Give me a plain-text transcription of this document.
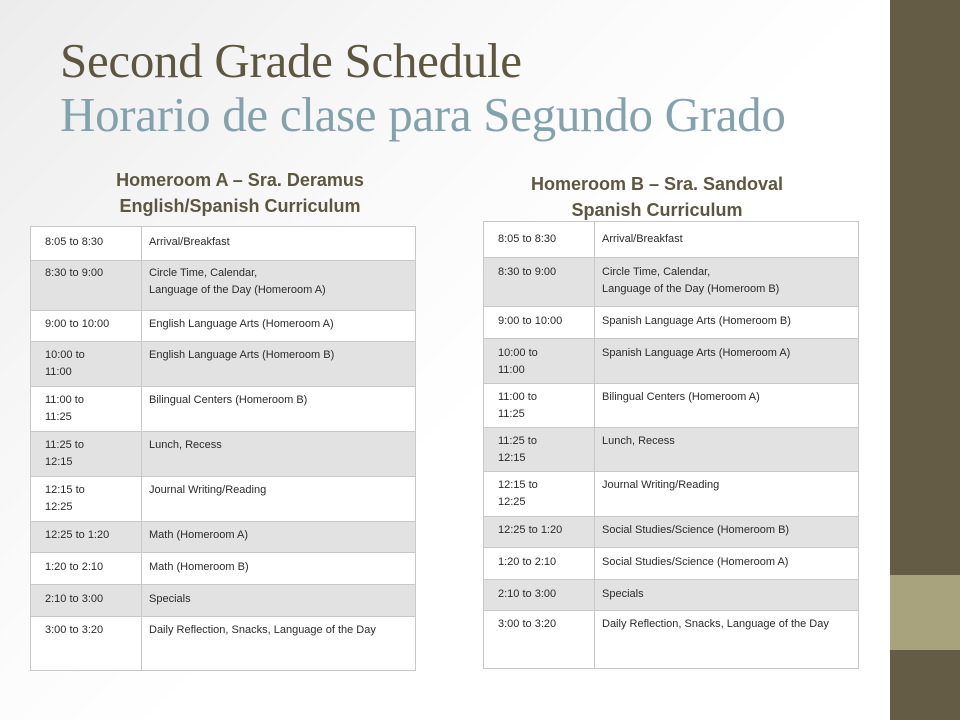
Second Grade Schedule
Horario de clase para Segundo Grado
Homeroom A – Sra. Deramus
English/Spanish Curriculum
Homeroom B – Sra. Sandoval
Spanish Curriculum
8:05 to 8:30	Arrival/Breakfast
8:30 to 9:00	Circle Time, Calendar,
Language of the Day (Homeroom A)
9:00 to 10:00	English Language Arts (Homeroom A)
10:00 to
11:00	English Language Arts (Homeroom B)
11:00 to
11:25	Bilingual Centers (Homeroom B)
11:25 to
12:15	Lunch, Recess
12:15 to
12:25	Journal Writing/Reading
12:25 to 1:20	Math (Homeroom A)
1:20 to 2:10	Math (Homeroom B)
2:10 to 3:00	Specials
3:00 to 3:20	Daily Reflection, Snacks, Language of the Day
8:05 to 8:30	Arrival/Breakfast
8:30 to 9:00	Circle Time, Calendar,
Language of the Day (Homeroom B)
9:00 to 10:00	Spanish Language Arts (Homeroom B)
10:00 to
11:00	Spanish Language Arts (Homeroom A)
11:00 to
11:25	Bilingual Centers (Homeroom A)
11:25 to
12:15	Lunch, Recess
12:15 to
12:25	Journal Writing/Reading
12:25 to 1:20	Social Studies/Science (Homeroom B)
1:20 to 2:10	Social Studies/Science (Homeroom A)
2:10 to 3:00	Specials
3:00 to 3:20	Daily Reflection, Snacks, Language of the Day
